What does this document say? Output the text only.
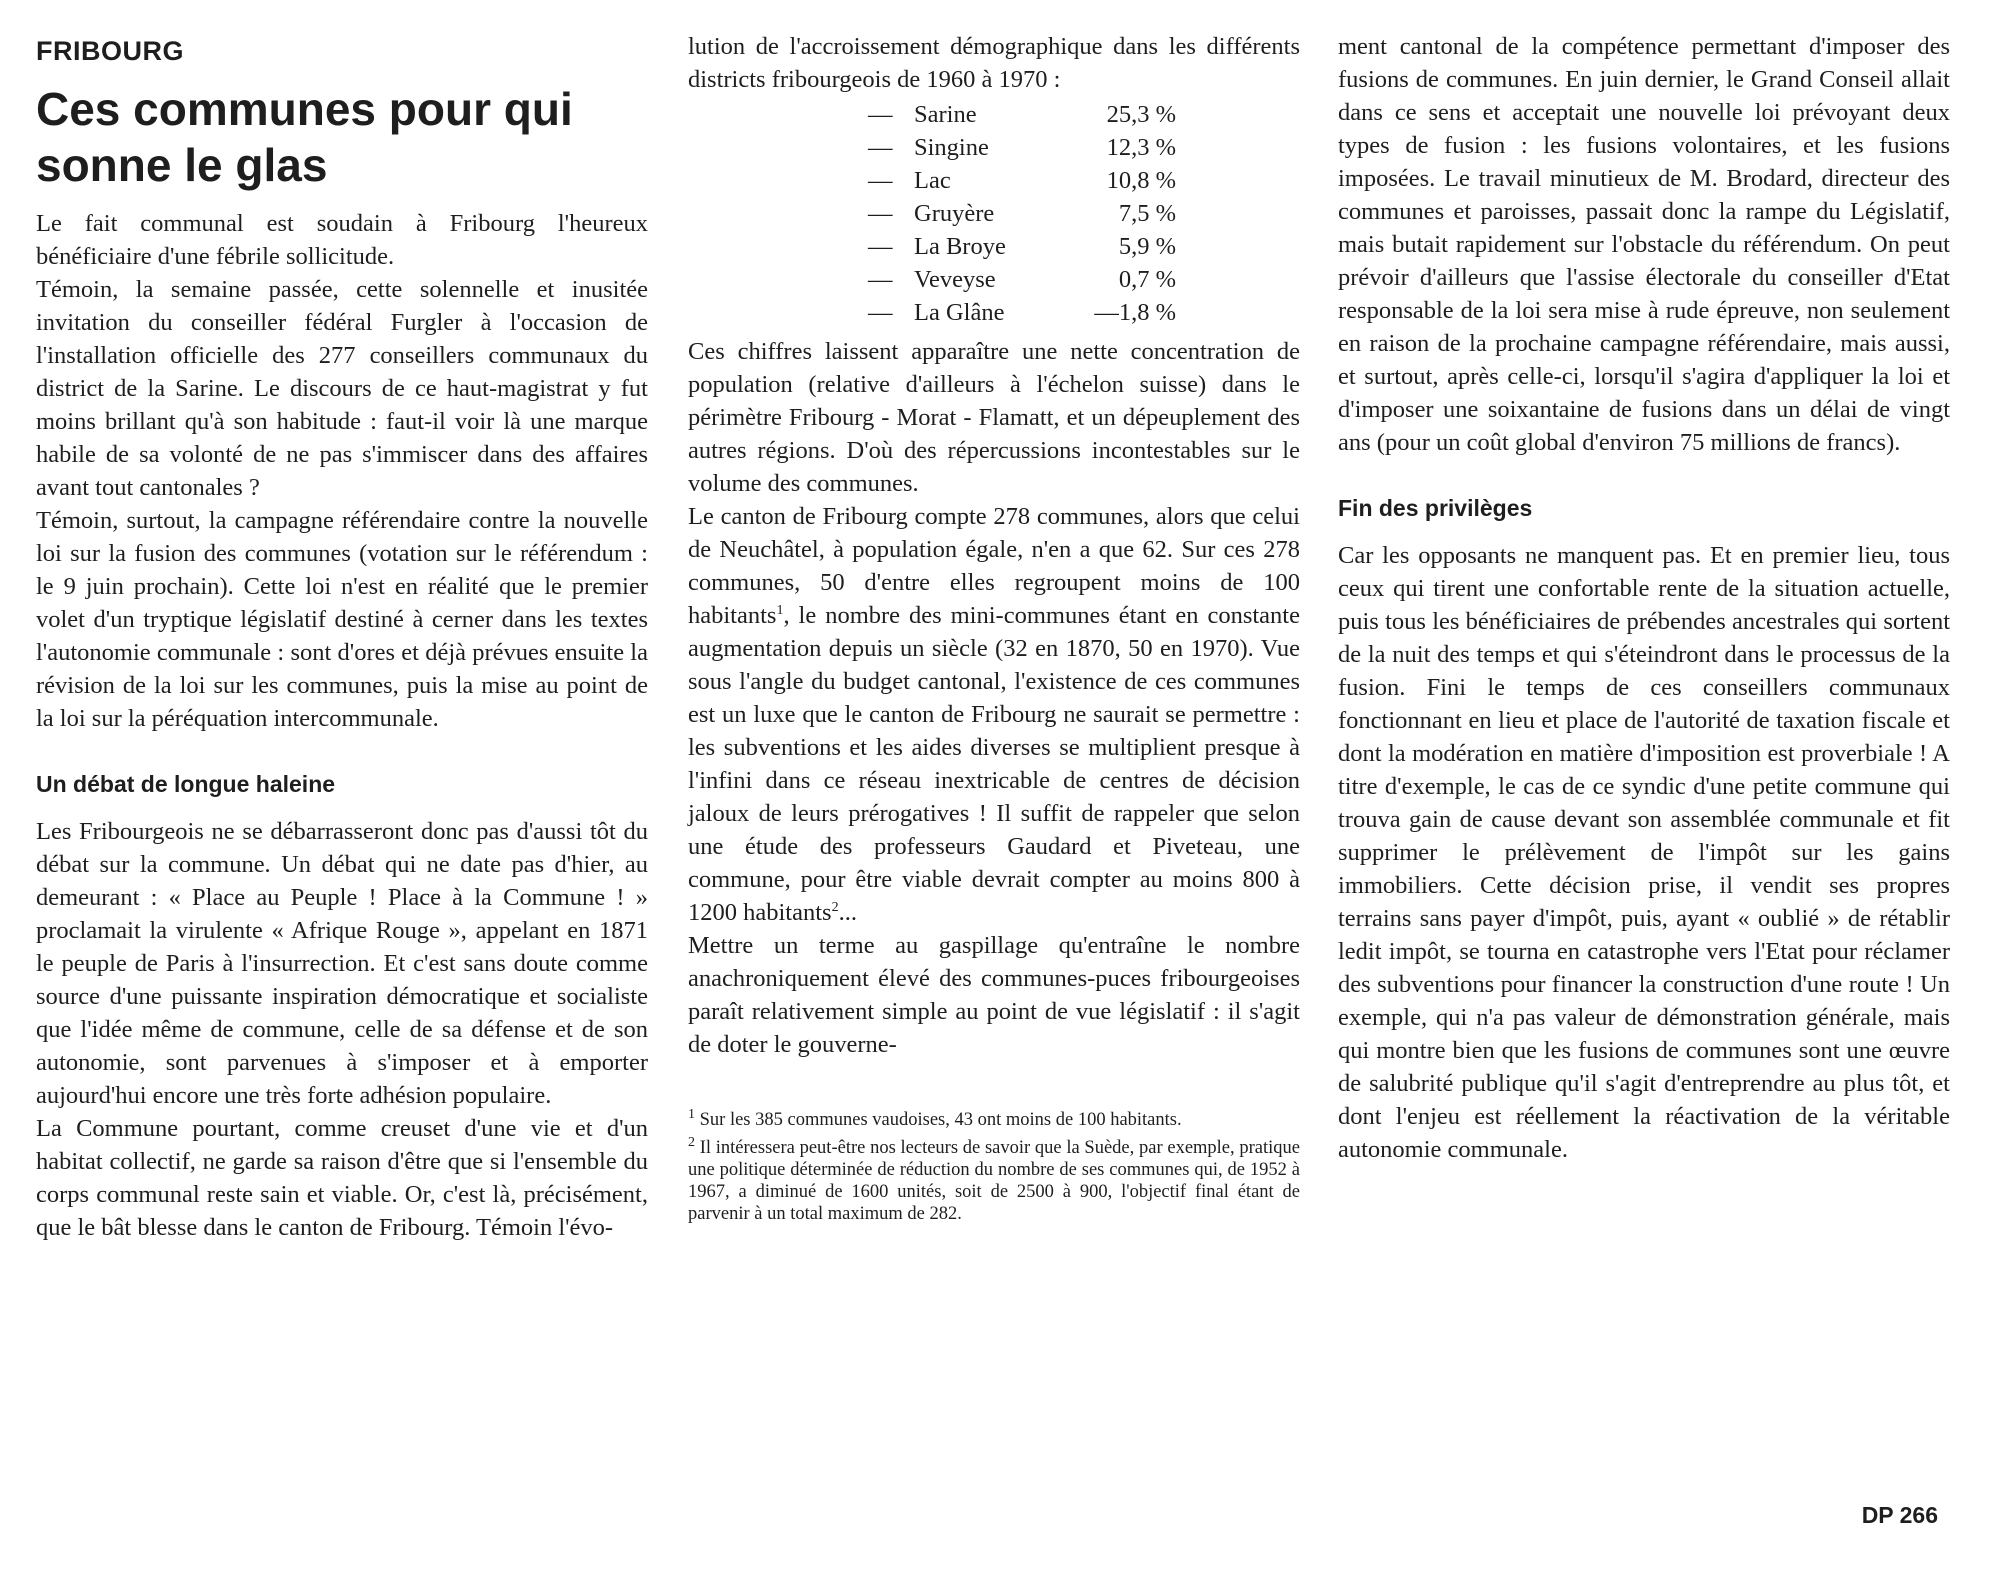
FRIBOURG
Ces communes pour qui sonne le glas

Le fait communal est soudain à Fribourg l'heureux bénéficiaire d'une fébrile sollicitude.

Témoin, la semaine passée, cette solennelle et inusitée invitation du conseiller fédéral Furgler à l'occasion de l'installation officielle des 277 conseillers communaux du district de la Sarine. Le discours de ce haut-magistrat y fut moins brillant qu'à son habitude : faut-il voir là une marque habile de sa volonté de ne pas s'immiscer dans des affaires avant tout cantonales ?

Témoin, surtout, la campagne référendaire contre la nouvelle loi sur la fusion des communes (votation sur le référendum : le 9 juin prochain). Cette loi n'est en réalité que le premier volet d'un tryptique législatif destiné à cerner dans les textes l'autonomie communale : sont d'ores et déjà prévues ensuite la révision de la loi sur les communes, puis la mise au point de la loi sur la péréquation intercommunale.

Un débat de longue haleine

Les Fribourgeois ne se débarrasseront donc pas d'aussi tôt du débat sur la commune. Un débat qui ne date pas d'hier, au demeurant : « Place au Peuple ! Place à la Commune ! » proclamait la virulente « Afrique Rouge », appelant en 1871 le peuple de Paris à l'insurrection. Et c'est sans doute comme source d'une puissante inspiration démocratique et socialiste que l'idée même de commune, celle de sa défense et de son autonomie, sont parvenues à s'imposer et à emporter aujourd'hui encore une très forte adhésion populaire.

La Commune pourtant, comme creuset d'une vie et d'un habitat collectif, ne garde sa raison d'être que si l'ensemble du corps communal reste sain et viable. Or, c'est là, précisément, que le bât blesse dans le canton de Fribourg. Témoin l'évo-

lution de l'accroissement démographique dans les différents districts fribourgeois de 1960 à 1970 :

— Sarine	25,3 %
— Singine	12,3 %
— Lac	10,8 %
— Gruyère	7,5 %
— La Broye	5,9 %
— Veveyse	0,7 %
— La Glâne	—1,8 %

Ces chiffres laissent apparaître une nette concentration de population (relative d'ailleurs à l'échelon suisse) dans le périmètre Fribourg - Morat - Flamatt, et un dépeuplement des autres régions. D'où des répercussions incontestables sur le volume des communes.

Le canton de Fribourg compte 278 communes, alors que celui de Neuchâtel, à population égale, n'en a que 62. Sur ces 278 communes, 50 d'entre elles regroupent moins de 100 habitants$^1$, le nombre des mini-communes étant en constante augmentation depuis un siècle (32 en 1870, 50 en 1970). Vue sous l'angle du budget cantonal, l'existence de ces communes est un luxe que le canton de Fribourg ne saurait se permettre : les subventions et les aides diverses se multiplient presque à l'infini dans ce réseau inextricable de centres de décision jaloux de leurs prérogatives ! Il suffit de rappeler que selon une étude des professeurs Gaudard et Piveteau, une commune, pour être viable devrait compter au moins 800 à 1200 habitants$^2$...

Mettre un terme au gaspillage qu'entraîne le nombre anachroniquement élevé des communes-puces fribourgeoises paraît relativement simple au point de vue législatif : il s'agit de doter le gouverne-

$^1$ Sur les 385 communes vaudoises, 43 ont moins de 100 habitants.

$^2$ Il intéressera peut-être nos lecteurs de savoir que la Suède, par exemple, pratique une politique déterminée de réduction du nombre de ses communes qui, de 1952 à 1967, a diminué de 1600 unités, soit de 2500 à 900, l'objectif final étant de parvenir à un total maximum de 282.

ment cantonal de la compétence permettant d'imposer des fusions de communes. En juin dernier, le Grand Conseil allait dans ce sens et acceptait une nouvelle loi prévoyant deux types de fusion : les fusions volontaires, et les fusions imposées. Le travail minutieux de M. Brodard, directeur des communes et paroisses, passait donc la rampe du Législatif, mais butait rapidement sur l'obstacle du référendum. On peut prévoir d'ailleurs que l'assise électorale du conseiller d'Etat responsable de la loi sera mise à rude épreuve, non seulement en raison de la prochaine campagne référendaire, mais aussi, et surtout, après celle-ci, lorsqu'il s'agira d'appliquer la loi et d'imposer une soixantaine de fusions dans un délai de vingt ans (pour un coût global d'environ 75 millions de francs).

Fin des privilèges

Car les opposants ne manquent pas. Et en premier lieu, tous ceux qui tirent une confortable rente de la situation actuelle, puis tous les bénéficiaires de prébendes ancestrales qui sortent de la nuit des temps et qui s'éteindront dans le processus de la fusion. Fini le temps de ces conseillers communaux fonctionnant en lieu et place de l'autorité de taxation fiscale et dont la modération en matière d'imposition est proverbiale ! A titre d'exemple, le cas de ce syndic d'une petite commune qui trouva gain de cause devant son assemblée communale et fit supprimer le prélèvement de l'impôt sur les gains immobiliers. Cette décision prise, il vendit ses propres terrains sans payer d'impôt, puis, ayant « oublié » de rétablir ledit impôt, se tourna en catastrophe vers l'Etat pour réclamer des subventions pour financer la construction d'une route ! Un exemple, qui n'a pas valeur de démonstration générale, mais qui montre bien que les fusions de communes sont une œuvre de salubrité publique qu'il s'agit d'entreprendre au plus tôt, et dont l'enjeu est réellement la réactivation de la véritable autonomie communale.

DP 266
